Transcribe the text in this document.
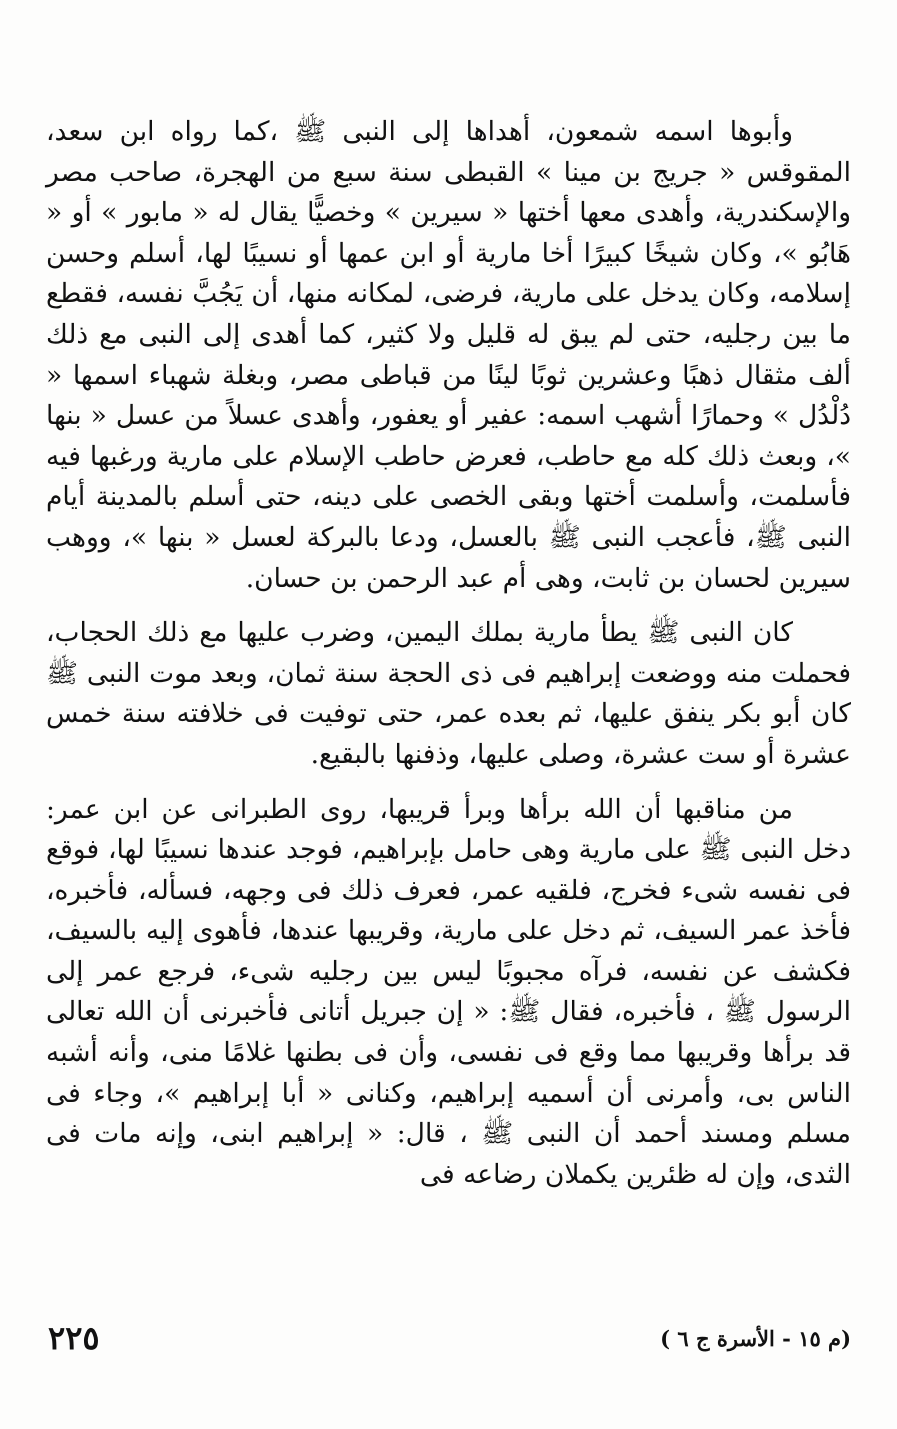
وأبوها اسمه شمعون، أهداها إلى النبى ﷺ ،كما رواه ابن سعد، المقوقس « جريج بن مينا » القبطى سنة سبع من الهجرة، صاحب مصر والإسكندرية، وأهدى معها أختها « سيرين » وخصيًّا يقال له « مابور » أو « هَابُو »، وكان شيخًا كبيرًا أخا مارية أو ابن عمها أو نسيبًا لها، أسلم وحسن إسلامه، وكان يدخل على مارية، فرضى، لمكانه منها، أن يَجُبَّ نفسه، فقطع ما بين رجليه، حتى لم يبق له قليل ولا كثير، كما أهدى إلى النبى مع ذلك ألف مثقال ذهبًا وعشرين ثوبًا لينًا من قباطى مصر، وبغلة شهباء اسمها « دُلْدُل » وحمارًا أشهب اسمه: عفير أو يعفور، وأهدى عسلاً من عسل « بنها »، وبعث ذلك كله مع حاطب، فعرض حاطب الإسلام على مارية ورغبها فيه فأسلمت، وأسلمت أختها وبقى الخصى على دينه، حتى أسلم بالمدينة أيام النبى ﷺ، فأعجب النبى ﷺ بالعسل، ودعا بالبركة لعسل « بنها »، ووهب سيرين لحسان بن ثابت، وهى أم عبد الرحمن بن حسان.

كان النبى ﷺ يطأ مارية بملك اليمين، وضرب عليها مع ذلك الحجاب، فحملت منه ووضعت إبراهيم فى ذى الحجة سنة ثمان، وبعد موت النبى ﷺ كان أبو بكر ينفق عليها، ثم بعده عمر، حتى توفيت فى خلافته سنة خمس عشرة أو ست عشرة، وصلى عليها، وذفنها بالبقيع.

من مناقبها أن الله برأها وبرأ قريبها، روى الطبرانى عن ابن عمر: دخل النبى ﷺ على مارية وهى حامل بإبراهيم، فوجد عندها نسيبًا لها، فوقع فى نفسه شىء فخرج، فلقيه عمر، فعرف ذلك فى وجهه، فسأله، فأخبره، فأخذ عمر السيف، ثم دخل على مارية، وقريبها عندها، فأهوى إليه بالسيف، فكشف عن نفسه، فرآه مجبوبًا ليس بين رجليه شىء، فرجع عمر إلى الرسول ﷺ ، فأخبره، فقال ﷺ: « إن جبريل أتانى فأخبرنى أن الله تعالى قد برأها وقريبها مما وقع فى نفسى، وأن فى بطنها غلامًا منى، وأنه أشبه الناس بى، وأمرنى أن أسميه إبراهيم، وكنانى « أبا إبراهيم »، وجاء فى مسلم ومسند أحمد أن النبى ﷺ ، قال: « إبراهيم ابنى، وإنه مات فى الثدى، وإن له ظئرين يكملان رضاعه فى

(م ١٥ - الأسرة ج ٦ )
٢٢٥
